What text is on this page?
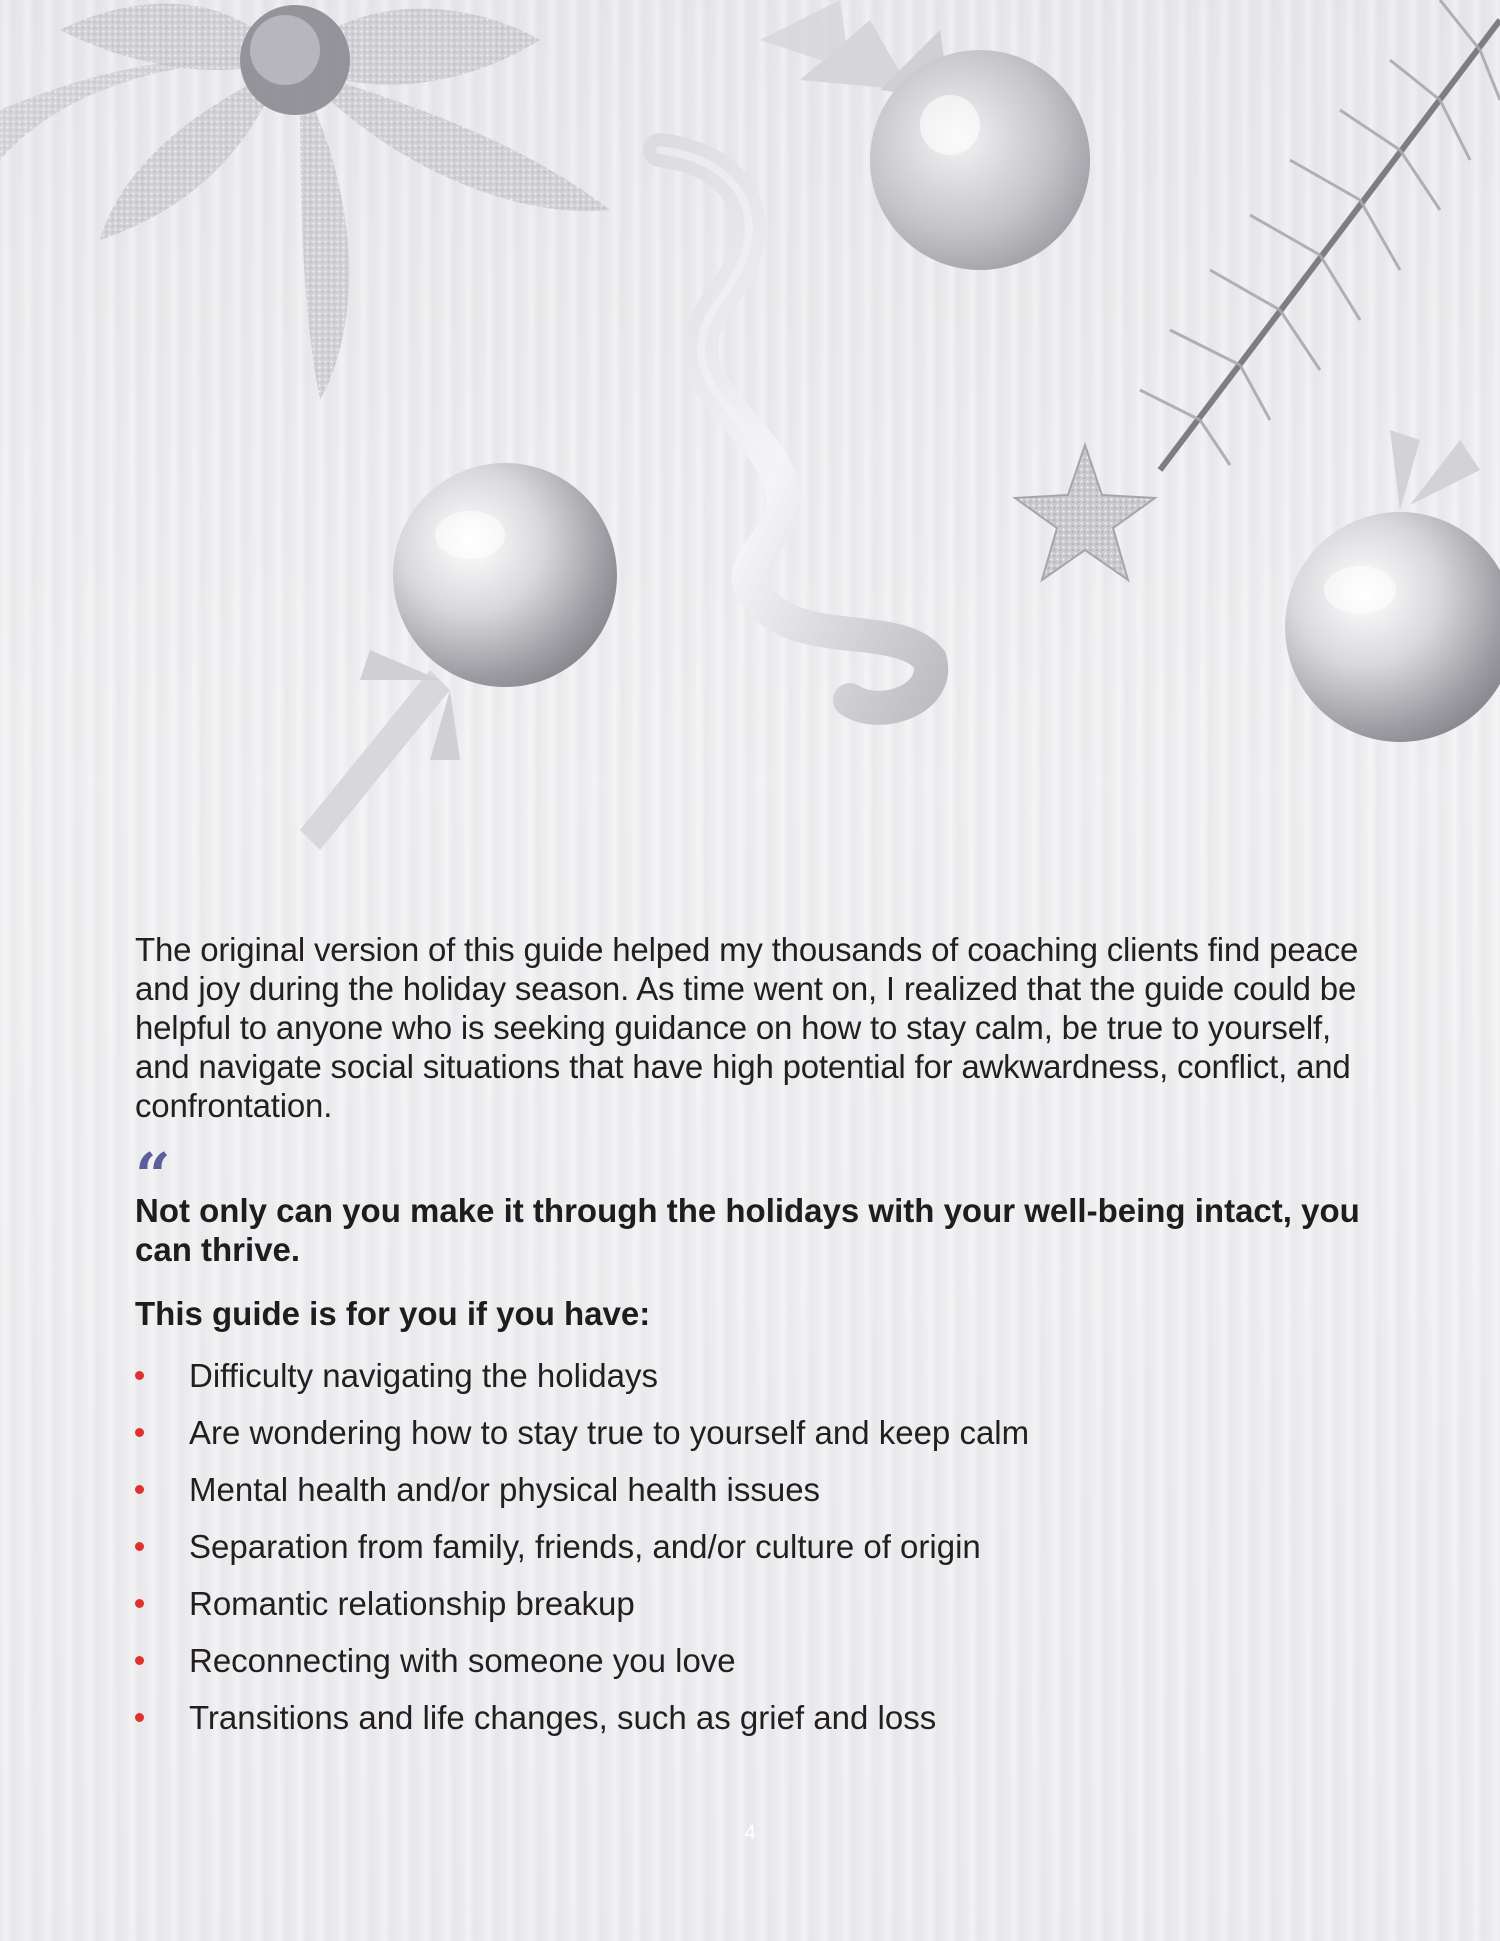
The original version of this guide helped my thousands of coaching clients find peace and joy during the holiday season. As time went on, I realized that the guide could be helpful to anyone who is seeking guidance on how to stay calm, be true to yourself, and navigate social situations that have high potential for awkwardness, conflict, and confrontation.

“

Not only can you make it through the holidays with your well-being intact, you can thrive.

This guide is for you if you have:

Difficulty navigating the holidays
Are wondering how to stay true to yourself and keep calm
Mental health and/or physical health issues
Separation from family, friends, and/or culture of origin
Romantic relationship breakup
Reconnecting with someone you love
Transitions and life changes, such as grief and loss
4
